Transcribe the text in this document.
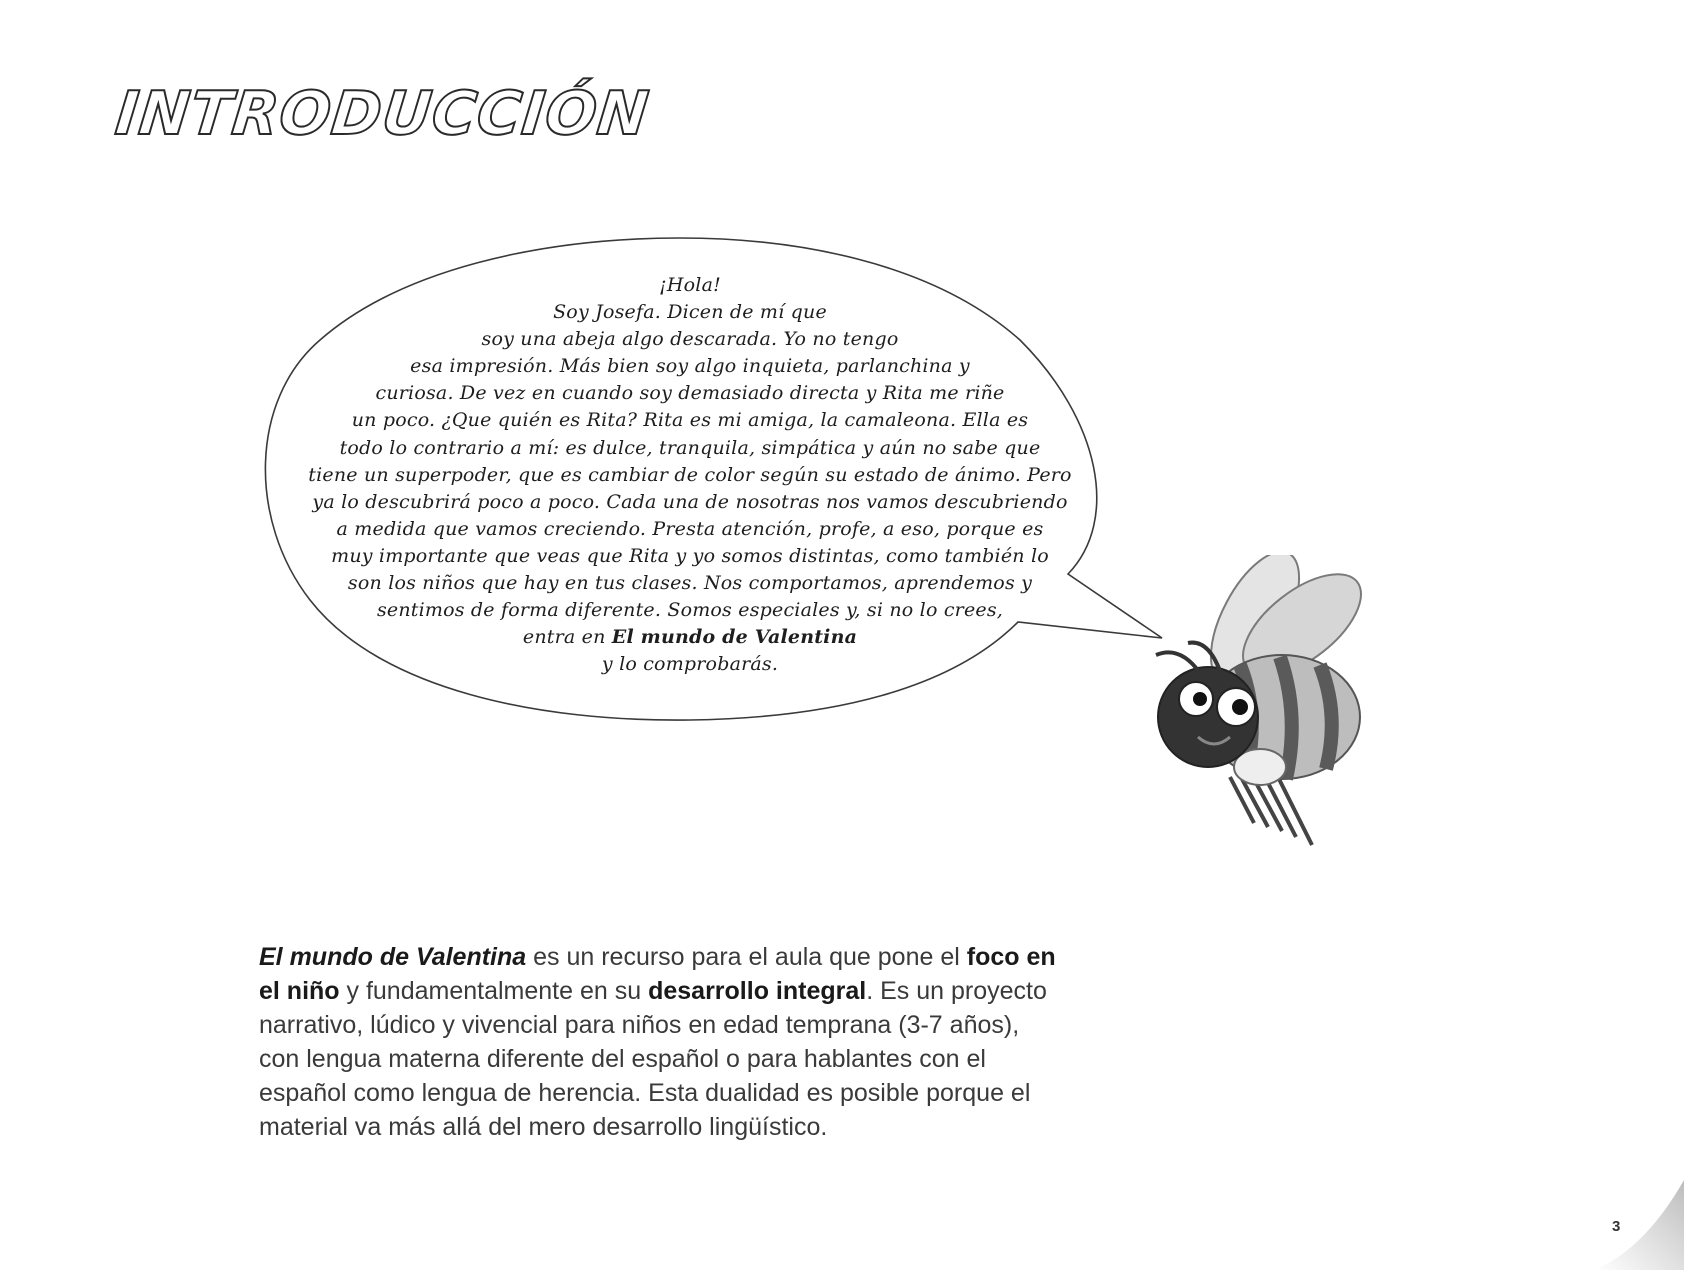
INTRODUCCIÓN
¡Hola!
Soy Josefa. Dicen de mí que
soy una abeja algo descarada. Yo no tengo
esa impresión. Más bien soy algo inquieta, parlanchina y
curiosa. De vez en cuando soy demasiado directa y Rita me riñe
un poco. ¿Que quién es Rita? Rita es mi amiga, la camaleona. Ella es
todo lo contrario a mí: es dulce, tranquila, simpática y aún no sabe que
tiene un superpoder, que es cambiar de color según su estado de ánimo. Pero
ya lo descubrirá poco a poco. Cada una de nosotras nos vamos descubriendo
a medida que vamos creciendo. Presta atención, profe, a eso, porque es
muy importante que veas que Rita y yo somos distintas, como también lo
son los niños que hay en tus clases. Nos comportamos, aprendemos y
sentimos de forma diferente. Somos especiales y, si no lo crees,
entra en El mundo de Valentina
y lo comprobarás.

El mundo de Valentina es un recurso para el aula que pone el foco en el niño y fundamentalmente en su desarrollo integral. Es un proyecto narrativo, lúdico y vivencial para niños en edad temprana (3-7 años), con lengua materna diferente del español o para hablantes con el español como lengua de herencia. Esta dualidad es posible porque el material va más allá del mero desarrollo lingüístico.

3
